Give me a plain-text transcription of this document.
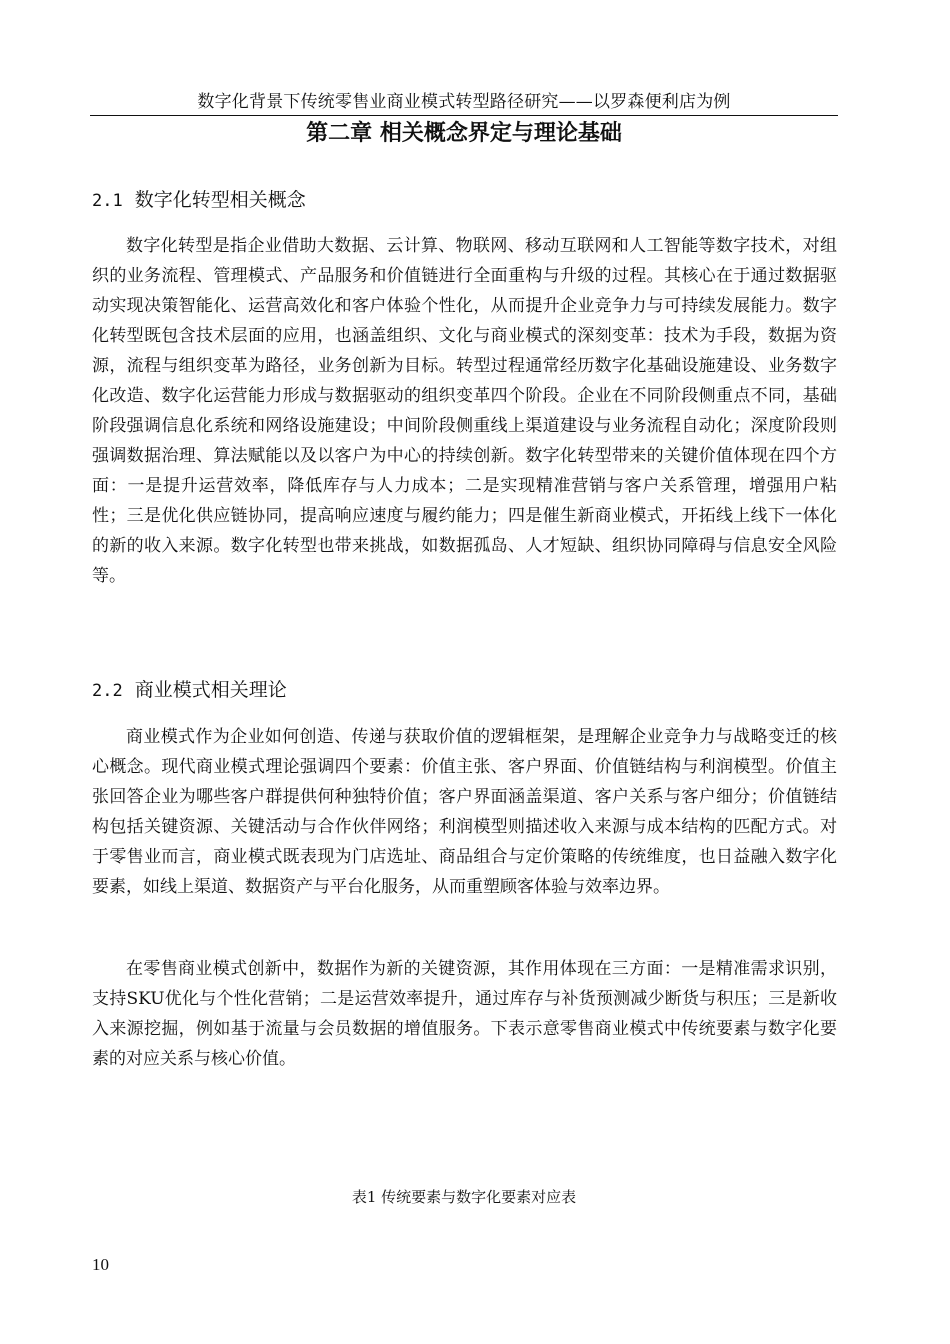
数字化背景下传统零售业商业模式转型路径研究——以罗森便利店为例
第二章 相关概念界定与理论基础
2.1 数字化转型相关概念

数字化转型是指企业借助大数据、云计算、物联网、移动互联网和人工智能等数字技术，对组织的业务流程、管理模式、产品服务和价值链进行全面重构与升级的过程。其核心在于通过数据驱动实现决策智能化、运营高效化和客户体验个性化，从而提升企业竞争力与可持续发展能力。数字化转型既包含技术层面的应用，也涵盖组织、文化与商业模式的深刻变革：技术为手段，数据为资源，流程与组织变革为路径，业务创新为目标。转型过程通常经历数字化基础设施建设、业务数字化改造、数字化运营能力形成与数据驱动的组织变革四个阶段。企业在不同阶段侧重点不同，基础阶段强调信息化系统和网络设施建设；中间阶段侧重线上渠道建设与业务流程自动化；深度阶段则强调数据治理、算法赋能以及以客户为中心的持续创新。数字化转型带来的关键价值体现在四个方面：一是提升运营效率，降低库存与人力成本；二是实现精准营销与客户关系管理，增强用户粘性；三是优化供应链协同，提高响应速度与履约能力；四是催生新商业模式，开拓线上线下一体化的新的收入来源。数字化转型也带来挑战，如数据孤岛、人才短缺、组织协同障碍与信息安全风险等。

2.2 商业模式相关理论

商业模式作为企业如何创造、传递与获取价值的逻辑框架，是理解企业竞争力与战略变迁的核心概念。现代商业模式理论强调四个要素：价值主张、客户界面、价值链结构与利润模型。价值主张回答企业为哪些客户群提供何种独特价值；客户界面涵盖渠道、客户关系与客户细分；价值链结构包括关键资源、关键活动与合作伙伴网络；利润模型则描述收入来源与成本结构的匹配方式。对于零售业而言，商业模式既表现为门店选址、商品组合与定价策略的传统维度，也日益融入数字化要素，如线上渠道、数据资产与平台化服务，从而重塑顾客体验与效率边界。

在零售商业模式创新中，数据作为新的关键资源，其作用体现在三方面：一是精准需求识别，支持SKU优化与个性化营销；二是运营效率提升，通过库存与补货预测减少断货与积压；三是新收入来源挖掘，例如基于流量与会员数据的增值服务。下表示意零售商业模式中传统要素与数字化要素的对应关系与核心价值。

表1 传统要素与数字化要素对应表
10
